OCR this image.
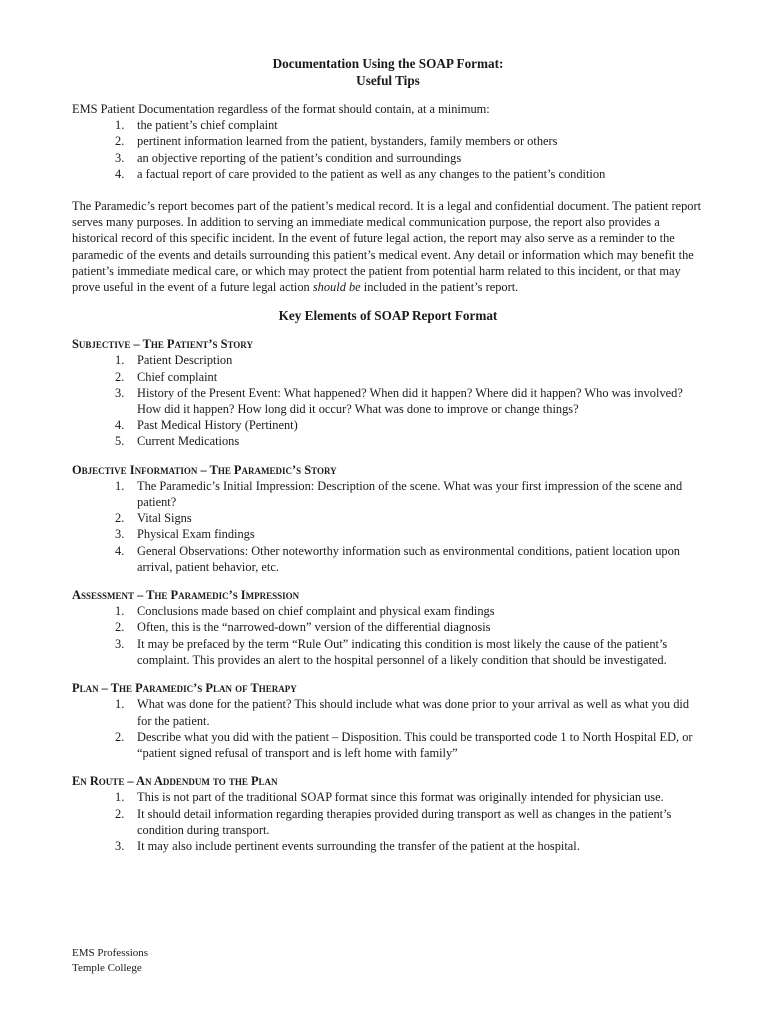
Documentation Using the SOAP Format:
Useful Tips
EMS Patient Documentation regardless of the format should contain, at a minimum:
1. the patient’s chief complaint
2. pertinent information learned from the patient, bystanders, family members or others
3. an objective reporting of the patient’s condition and surroundings
4. a factual report of care provided to the patient as well as any changes to the patient’s condition
The Paramedic’s report becomes part of the patient’s medical record. It is a legal and confidential document. The patient report serves many purposes. In addition to serving an immediate medical communication purpose, the report also provides a historical record of this specific incident. In the event of future legal action, the report may also serve as a reminder to the paramedic of the events and details surrounding this patient’s medical event. Any detail or information which may benefit the patient’s immediate medical care, or which may protect the patient from potential harm related to this incident, or that may prove useful in the event of a future legal action should be included in the patient’s report.
Key Elements of SOAP Report Format
Subjective – The Patient’s Story
1. Patient Description
2. Chief complaint
3. History of the Present Event: What happened? When did it happen? Where did it happen? Who was involved? How did it happen? How long did it occur? What was done to improve or change things?
4. Past Medical History (Pertinent)
5. Current Medications
Objective Information – The Paramedic’s Story
1. The Paramedic’s Initial Impression: Description of the scene. What was your first impression of the scene and patient?
2. Vital Signs
3. Physical Exam findings
4. General Observations: Other noteworthy information such as environmental conditions, patient location upon arrival, patient behavior, etc.
Assessment – The Paramedic’s Impression
1. Conclusions made based on chief complaint and physical exam findings
2. Often, this is the “narrowed-down” version of the differential diagnosis
3. It may be prefaced by the term “Rule Out” indicating this condition is most likely the cause of the patient’s complaint. This provides an alert to the hospital personnel of a likely condition that should be investigated.
Plan – The Paramedic’s Plan of Therapy
1. What was done for the patient? This should include what was done prior to your arrival as well as what you did for the patient.
2. Describe what you did with the patient – Disposition. This could be transported code 1 to North Hospital ED, or “patient signed refusal of transport and is left home with family”
En Route – An Addendum to the Plan
1. This is not part of the traditional SOAP format since this format was originally intended for physician use.
2. It should detail information regarding therapies provided during transport as well as changes in the patient’s condition during transport.
3. It may also include pertinent events surrounding the transfer of the patient at the hospital.
EMS Professions
Temple College
